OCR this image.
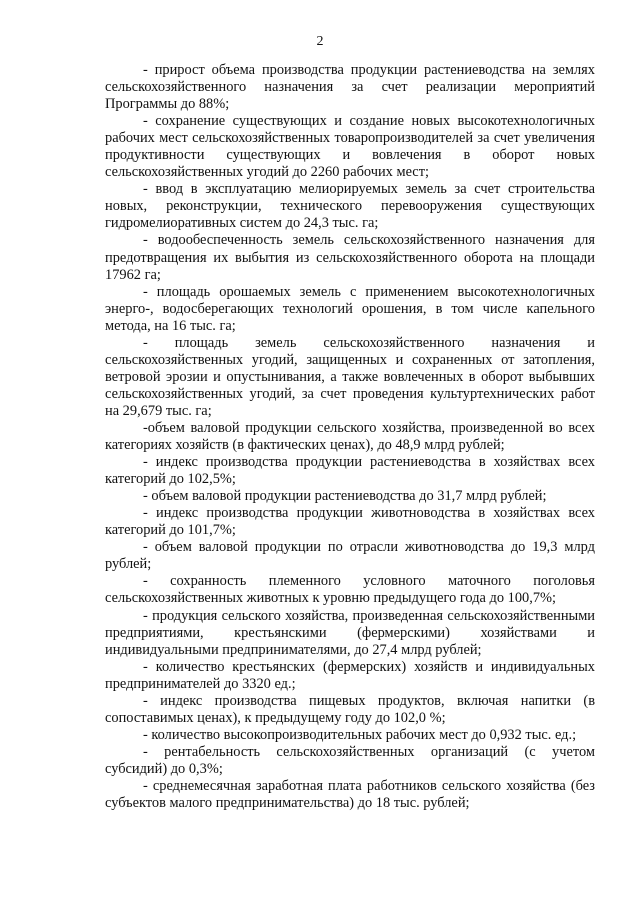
2

- прирост объема производства продукции растениеводства на землях сельскохозяйственного назначения за счет реализации мероприятий Программы до 88%;

- сохранение существующих и создание новых высокотехнологичных рабочих мест сельскохозяйственных товаропроизводителей за счет увеличения продуктивности существующих и вовлечения в оборот новых сельскохозяйственных угодий до 2260 рабочих мест;

- ввод в эксплуатацию мелиорируемых земель за счет строительства новых, реконструкции, технического перевооружения существующих гидромелиоративных систем до 24,3 тыс. га;

- водообеспеченность земель сельскохозяйственного назначения для предотвращения их выбытия из сельскохозяйственного оборота на площади 17962 га;

- площадь орошаемых земель с применением высокотехнологичных энерго-, водосберегающих технологий орошения, в том числе капельного метода, на 16 тыс. га;

- площадь земель сельскохозяйственного назначения и сельскохозяйственных угодий, защищенных и сохраненных от затопления, ветровой эрозии и опустынивания, а также вовлеченных в оборот выбывших сельскохозяйственных угодий, за счет проведения культуртехнических работ на 29,679 тыс. га;

-объем валовой продукции сельского хозяйства, произведенной во всех категориях хозяйств (в фактических ценах), до 48,9 млрд рублей;

- индекс производства продукции растениеводства в хозяйствах всех категорий до 102,5%;

- объем валовой продукции растениеводства до 31,7 млрд рублей;

- индекс производства продукции животноводства в хозяйствах всех категорий до 101,7%;

- объем валовой продукции по отрасли животноводства до 19,3 млрд рублей;

- сохранность племенного условного маточного поголовья сельскохозяйственных животных к уровню предыдущего года до 100,7%;

- продукция сельского хозяйства, произведенная сельскохозяйственными предприятиями, крестьянскими (фермерскими) хозяйствами и индивидуальными предпринимателями, до 27,4 млрд рублей;

- количество крестьянских (фермерских) хозяйств и индивидуальных предпринимателей до 3320 ед.;

- индекс производства пищевых продуктов, включая напитки (в сопоставимых ценах), к предыдущему году до 102,0 %;

- количество высокопроизводительных рабочих мест до 0,932 тыс. ед.;

- рентабельность сельскохозяйственных организаций (с учетом субсидий) до 0,3%;

- среднемесячная заработная плата работников сельского хозяйства (без субъектов малого предпринимательства) до 18 тыс. рублей;
